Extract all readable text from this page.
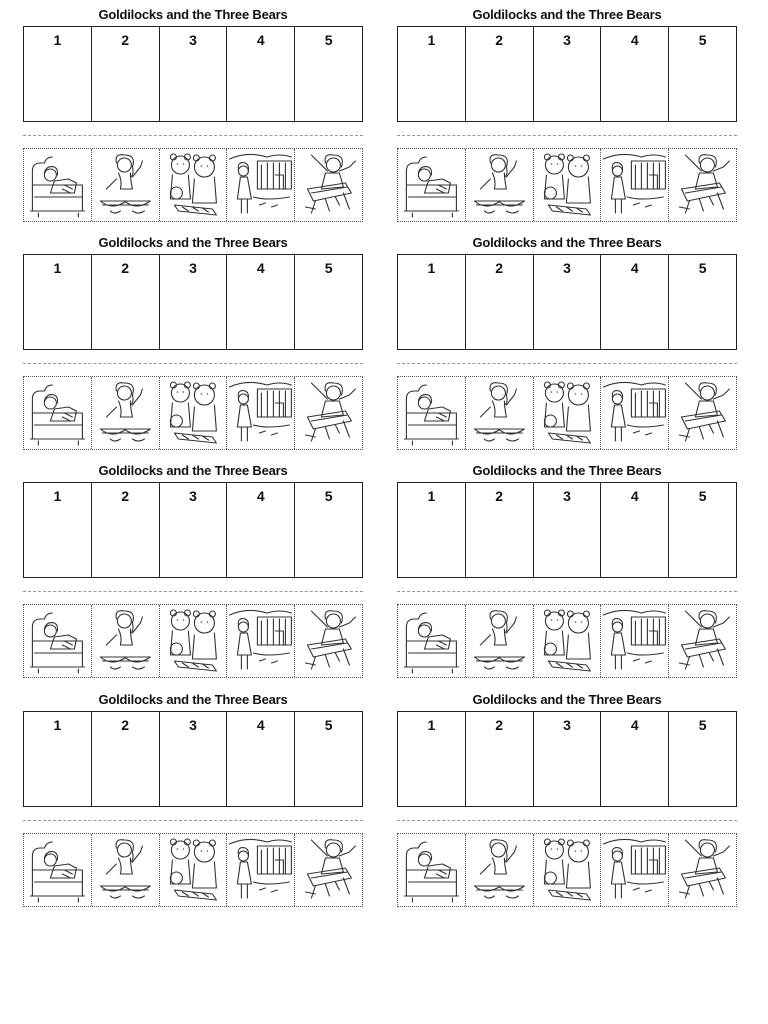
Goldilocks and the Three Bears
1	2	3	4	5
Goldilocks and the Three Bears
1	2	3	4	5
Goldilocks and the Three Bears
1	2	3	4	5
Goldilocks and the Three Bears
1	2	3	4	5
Goldilocks and the Three Bears
1	2	3	4	5
Goldilocks and the Three Bears
1	2	3	4	5
Goldilocks and the Three Bears
1	2	3	4	5
Goldilocks and the Three Bears
1	2	3	4	5
